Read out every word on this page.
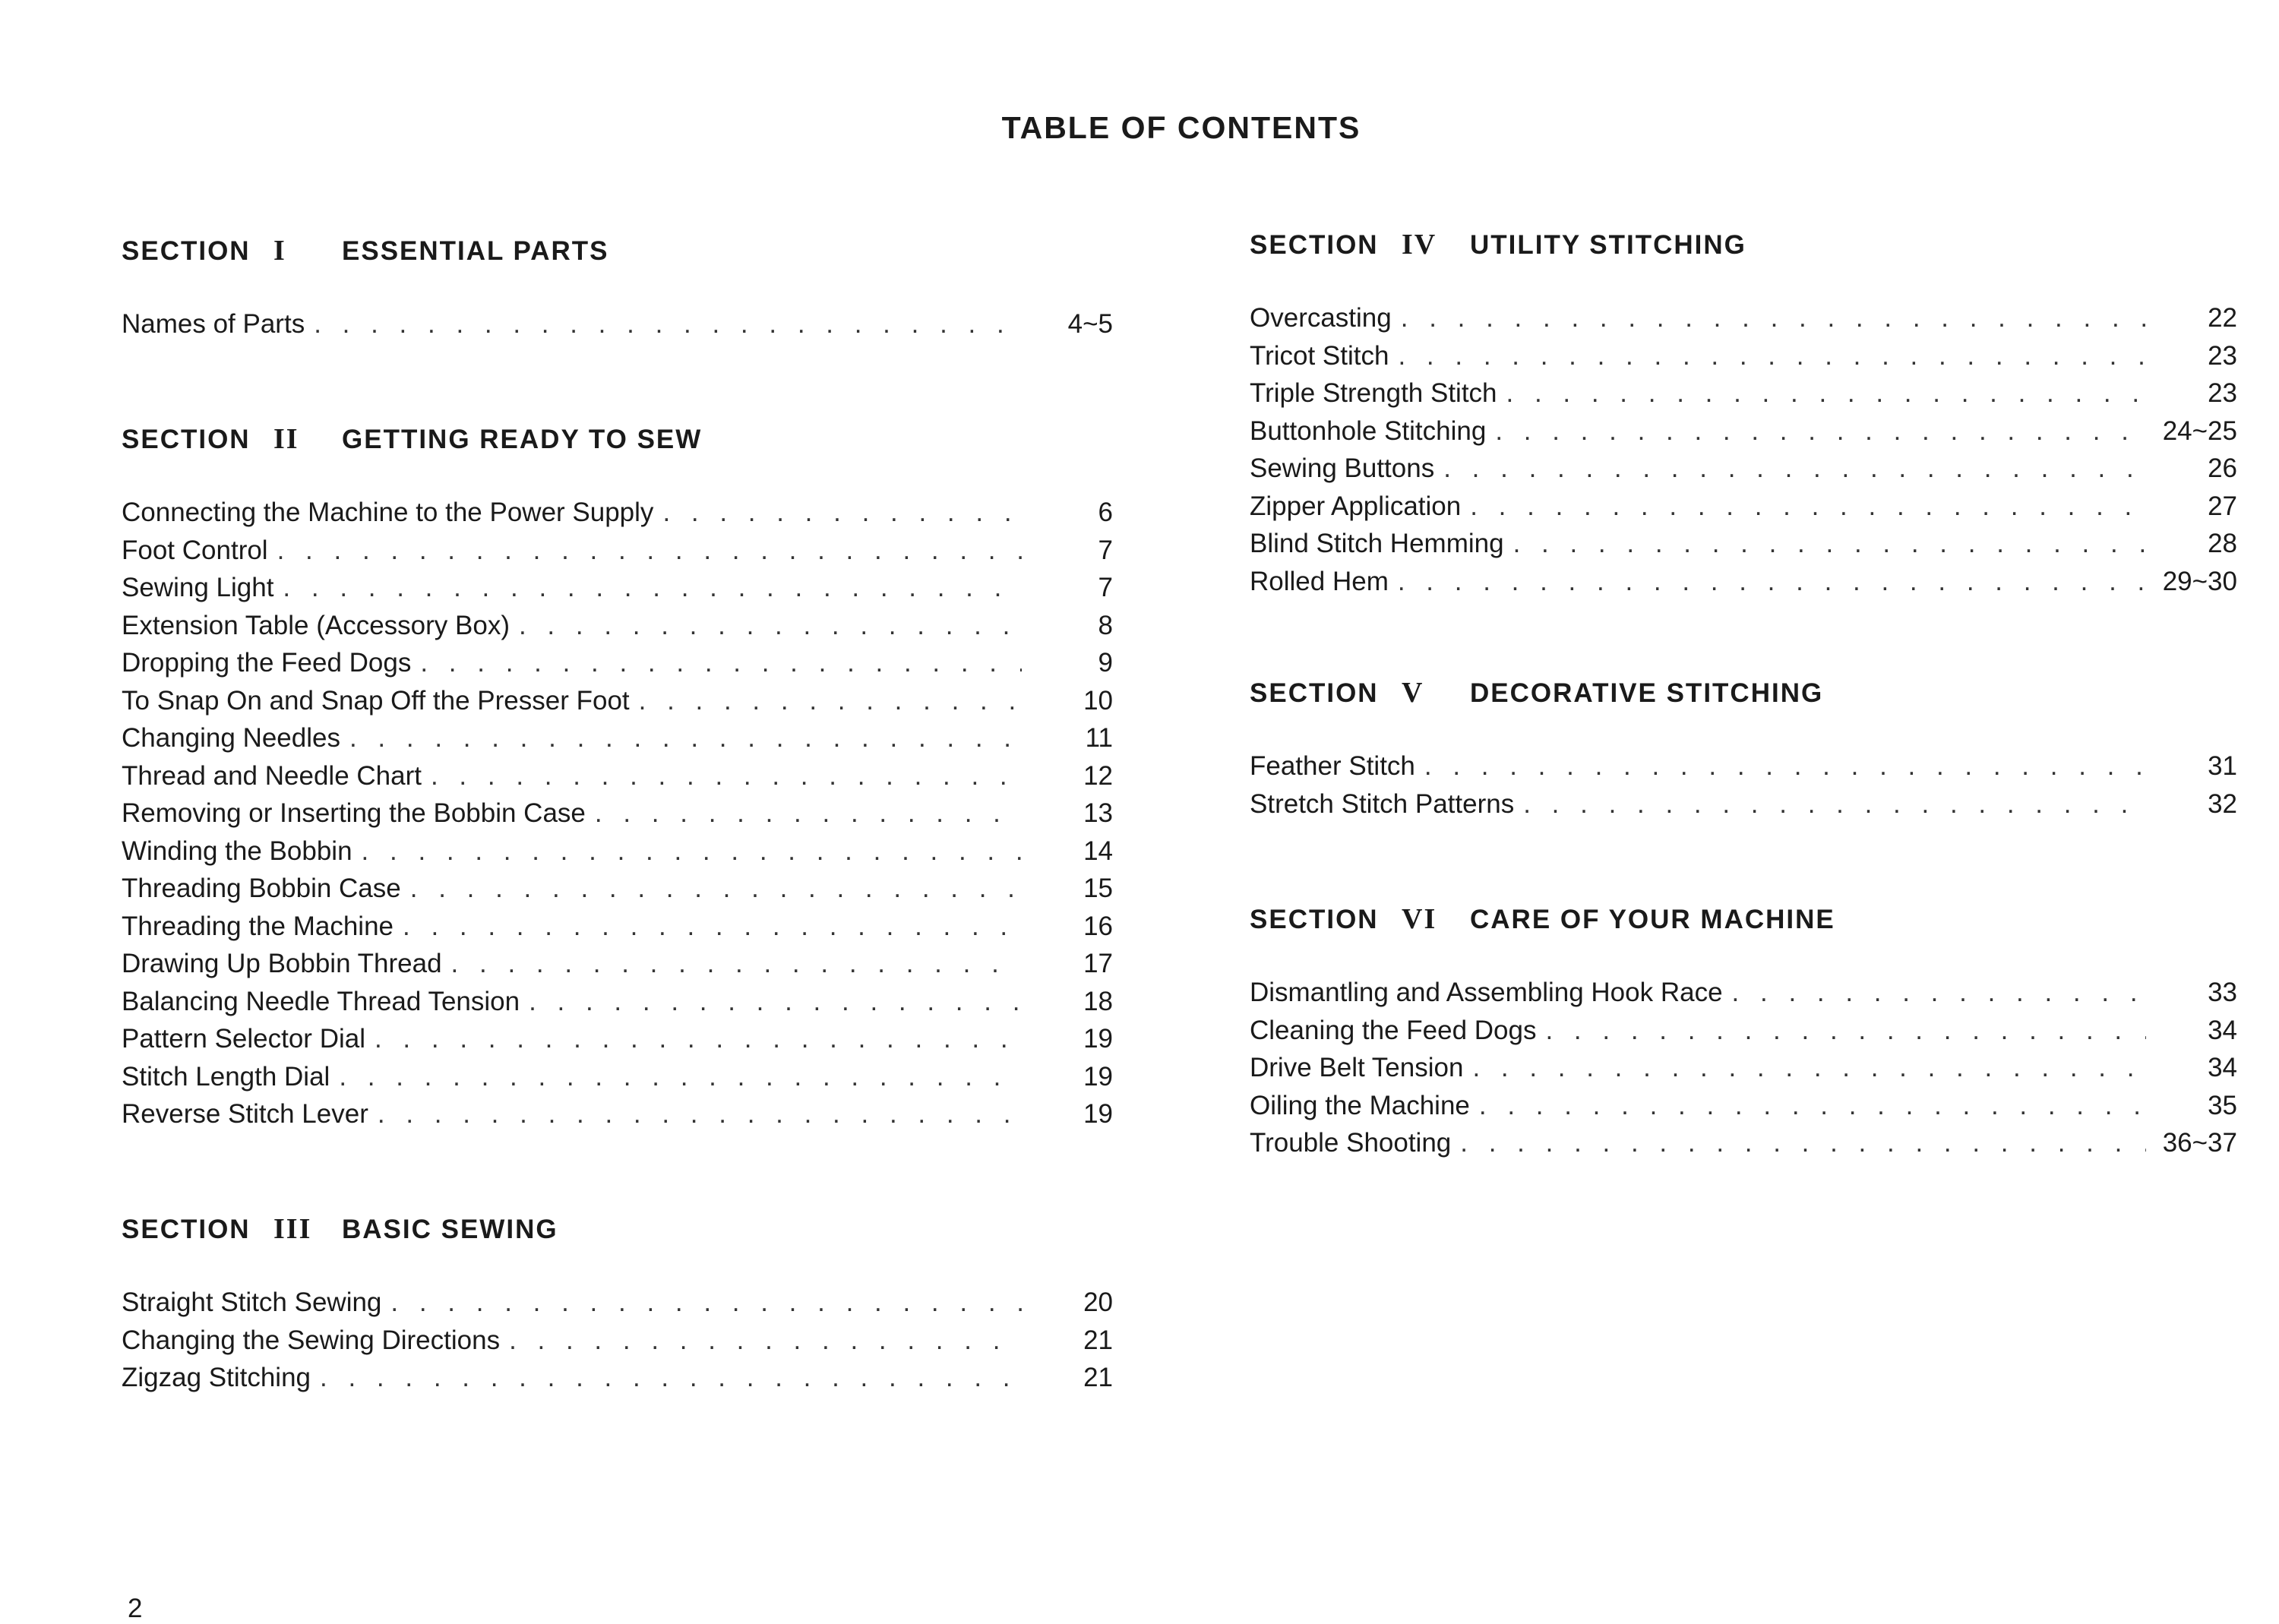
TABLE OF CONTENTS
SECTION I ESSENTIAL PARTS
Names of Parts . . .	4~5
SECTION II GETTING READY TO SEW
Connecting the Machine to the Power Supply . . .	6
Foot Control . . .	7
Sewing Light . . .	7
Extension Table (Accessory Box) . . .	8
Dropping the Feed Dogs . . .	9
To Snap On and Snap Off the Presser Foot . . .	10
Changing Needles . . .	11
Thread and Needle Chart . . .	12
Removing or Inserting the Bobbin Case . . .	13
Winding the Bobbin . . .	14
Threading Bobbin Case . . .	15
Threading the Machine . . .	16
Drawing Up Bobbin Thread . . .	17
Balancing Needle Thread Tension . . .	18
Pattern Selector Dial . . .	19
Stitch Length Dial . . .	19
Reverse Stitch Lever . . .	19
SECTION III BASIC SEWING
Straight Stitch Sewing . . .	20
Changing the Sewing Directions . . .	21
Zigzag Stitching . . .	21
SECTION IV UTILITY STITCHING
Overcasting . . .	22
Tricot Stitch . . .	23
Triple Strength Stitch . . .	23
Buttonhole Stitching . . .	24~25
Sewing Buttons . . .	26
Zipper Application . . .	27
Blind Stitch Hemming . . .	28
Rolled Hem . . .	29~30
SECTION V DECORATIVE STITCHING
Feather Stitch . . .	31
Stretch Stitch Patterns . . .	32
SECTION VI CARE OF YOUR MACHINE
Dismantling and Assembling Hook Race . . .	33
Cleaning the Feed Dogs . . .	34
Drive Belt Tension . . .	34
Oiling the Machine . . .	35
Trouble Shooting . . .	36~37
2
